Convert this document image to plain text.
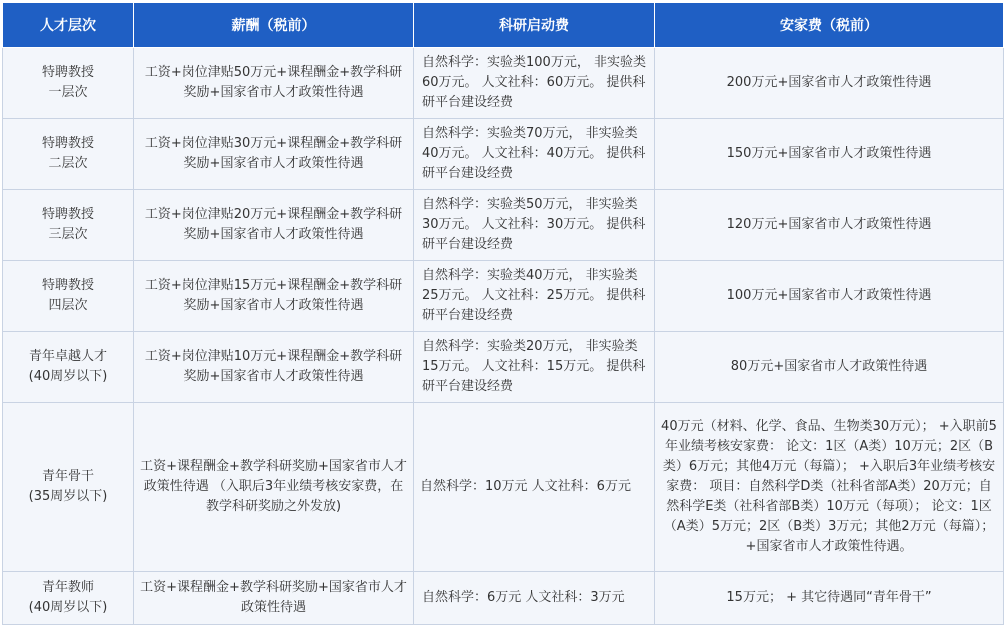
人才层次	薪酬（税前）	科研启动费	安家费（税前）

特聘教授
一层次	工资+岗位津贴50万元+课程酬金+教学科研奖励+国家省市人才政策性待遇	自然科学：实验类100万元， 非实验类60万元。 人文社科：60万元。 提供科研平台建设经费	200万元+国家省市人才政策性待遇

特聘教授
二层次	工资+岗位津贴30万元+课程酬金+教学科研奖励+国家省市人才政策性待遇	自然科学：实验类70万元， 非实验类40万元。 人文社科：40万元。 提供科研平台建设经费	150万元+国家省市人才政策性待遇

特聘教授
三层次	工资+岗位津贴20万元+课程酬金+教学科研奖励+国家省市人才政策性待遇	自然科学：实验类50万元， 非实验类30万元。 人文社科：30万元。 提供科研平台建设经费	120万元+国家省市人才政策性待遇

特聘教授
四层次	工资+岗位津贴15万元+课程酬金+教学科研奖励+国家省市人才政策性待遇	自然科学：实验类40万元， 非实验类25万元。 人文社科：25万元。 提供科研平台建设经费	100万元+国家省市人才政策性待遇

青年卓越人才
(40周岁以下)	工资+岗位津贴10万元+课程酬金+教学科研奖励+国家省市人才政策性待遇	自然科学：实验类20万元， 非实验类15万元。 人文社科：15万元。 提供科研平台建设经费	80万元+国家省市人才政策性待遇

青年骨干
(35周岁以下)	工资+课程酬金+教学科研奖励+国家省市人才政策性待遇 （入职后3年业绩考核安家费，在教学科研奖励之外发放)	自然科学：10万元 人文社科：6万元	40万元（材料、化学、食品、生物类30万元）； +入职前5年业绩考核安家费： 论文：1区（A类）10万元；2区（B类）6万元；其他4万元（每篇）； +入职后3年业绩考核安家费： 项目：自然科学D类（社科省部A类）20万元；自然科学E类（社科省部B类）10万元（每项）； 论文：1区（A类）5万元；2区（B类）3万元；其他2万元（每篇）； +国家省市人才政策性待遇。

青年教师
(40周岁以下)	工资+课程酬金+教学科研奖励+国家省市人才政策性待遇	自然科学：6万元 人文社科：3万元	15万元； + 其它待遇同“青年骨干”
